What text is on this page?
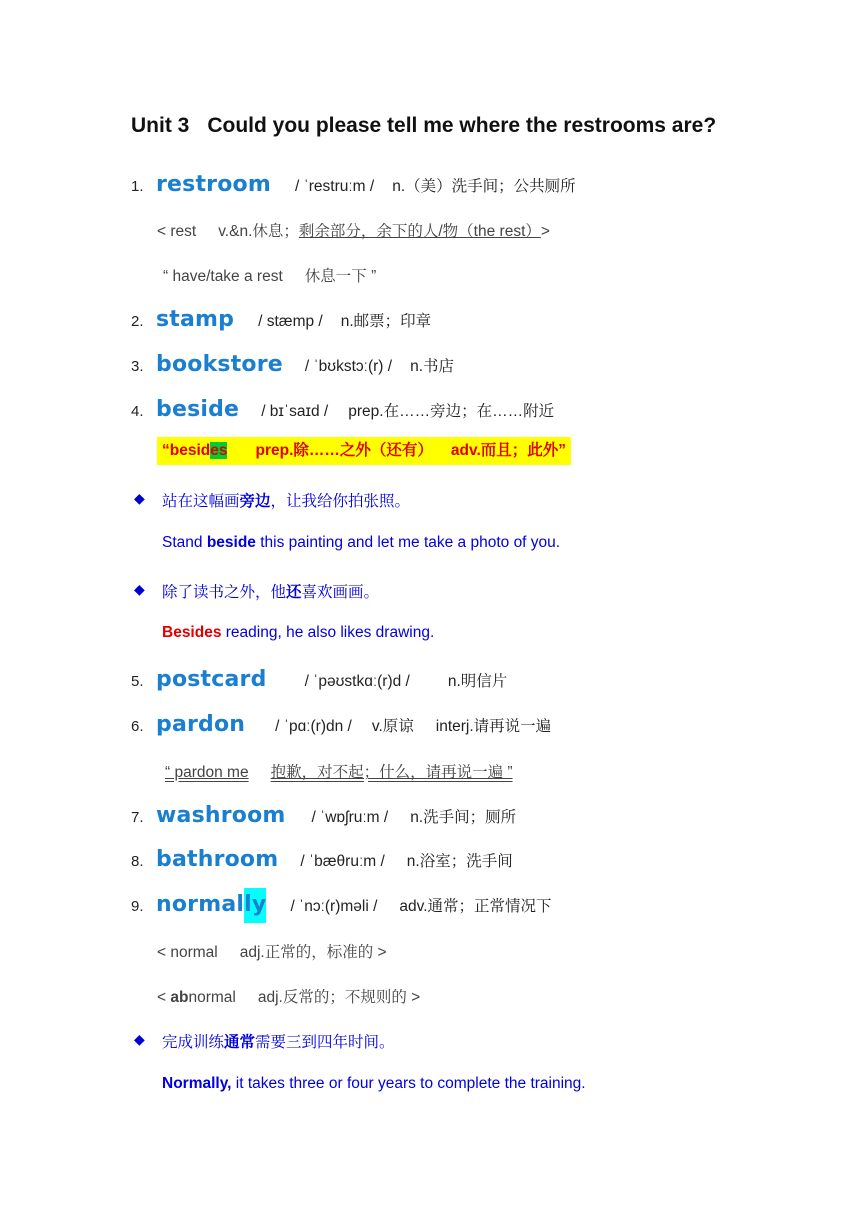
Unit 3 Could you please tell me where the restrooms are?
1. restroom / ˈrestruːm / n.（美）洗手间；公共厕所
< rest v.&n.休息；剩余部分，余下的人/物（the rest）>
“ have/take a rest 休息一下 ”
2. stamp / stæmp / n.邮票；印章
3. bookstore / ˈbʊkstɔː(r) / n.书店
4. beside / bɪˈsaɪd / prep.在……旁边；在……附近
“besides prep.除……之外（还有） adv.而且；此外”
◆ 站在这幅画旁边，让我给你拍张照。
Stand beside this painting and let me take a photo of you.
◆ 除了读书之外，他还喜欢画画。
Besides reading, he also likes drawing.
5. postcard / ˈpəʊstkɑː(r)d / n.明信片
6. pardon / ˈpɑː(r)dn / v.原谅 interj.请再说一遍
“ pardon me 抱歉，对不起；什么，请再说一遍 ”
7. washroom / ˈwɒʃruːm / n.洗手间；厕所
8. bathroom / ˈbæθruːm / n.浴室；洗手间
9. normally / ˈnɔː(r)məli / adv.通常；正常情况下
< normal adj.正常的，标准的 >
< abnormal adj.反常的；不规则的 >
◆ 完成训练通常需要三到四年时间。
Normally, it takes three or four years to complete the training.
